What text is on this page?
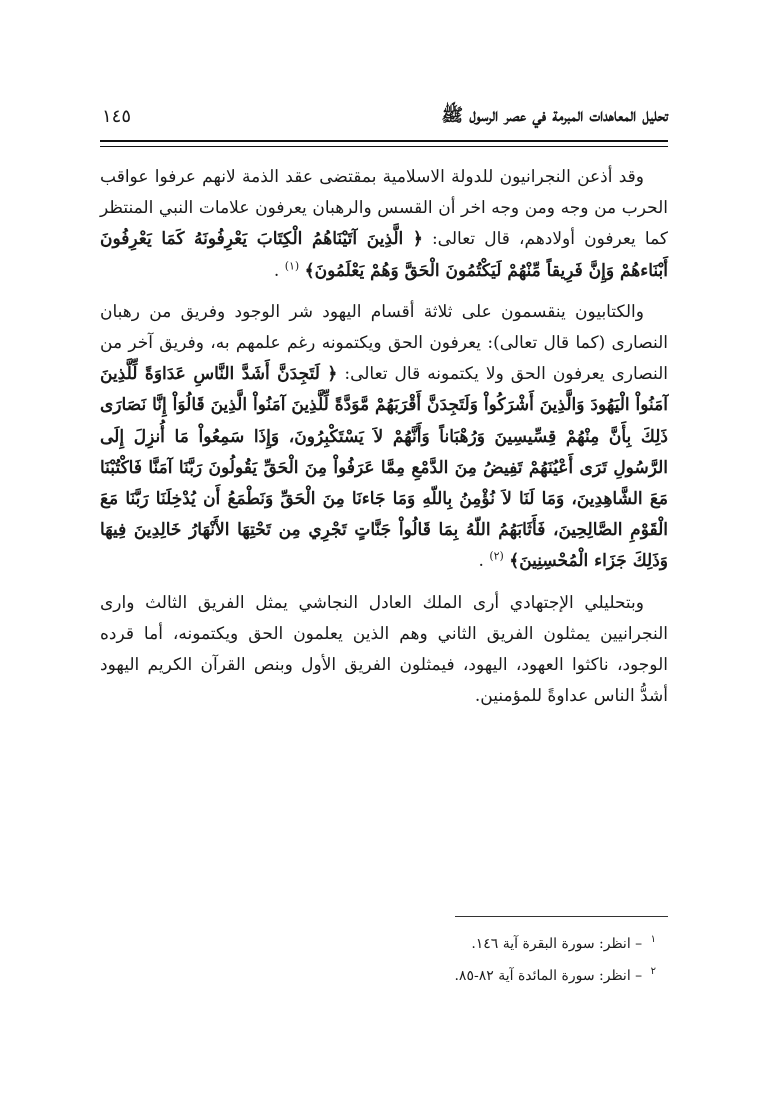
تحليل المعاهدات المبرمة في عصر الرسول ﷺ
١٤٥

وقد أذعن النجرانيون للدولة الاسلامية بمقتضى عقد الذمة لانهم عرفوا عواقب الحرب من وجه ومن وجه اخر أن القسس والرهبان يعرفون علامات النبي المنتظر كما يعرفون أولادهم، قال تعالى: ﴿ الَّذِينَ آتَيْنَاهُمُ الْكِتَابَ يَعْرِفُونَهُ كَمَا يَعْرِفُونَ أَبْنَاءهُمْ وَإِنَّ فَرِيقاً مِّنْهُمْ لَيَكْتُمُونَ الْحَقَّ وَهُمْ يَعْلَمُونَ﴾ $^{(١)}$ .

والكتابيون ينقسمون على ثلاثة أقسام اليهود شر الوجود وفريق من رهبان النصارى (كما قال تعالى): يعرفون الحق ويكتمونه رغم علمهم به، وفريق آخر من النصارى يعرفون الحق ولا يكتمونه قال تعالى: ﴿ لَتَجِدَنَّ أَشَدَّ النَّاسِ عَدَاوَةً لِّلَّذِينَ آمَنُواْ الْيَهُودَ وَالَّذِينَ أَشْرَكُواْ وَلَتَجِدَنَّ أَقْرَبَهُمْ مَّوَدَّةً لِّلَّذِينَ آمَنُواْ الَّذِينَ قَالُوَاْ إِنَّا نَصَارَى ذَلِكَ بِأَنَّ مِنْهُمْ قِسِّيسِينَ وَرُهْبَاناً وَأَنَّهُمْ لاَ يَسْتَكْبِرُونَ، وَإِذَا سَمِعُواْ مَا أُنزِلَ إِلَى الرَّسُولِ تَرَى أَعْيُنَهُمْ تَفِيضُ مِنَ الدَّمْعِ مِمَّا عَرَفُواْ مِنَ الْحَقِّ يَقُولُونَ رَبَّنَا آمَنَّا فَاكْتُبْنَا مَعَ الشَّاهِدِينَ، وَمَا لَنَا لاَ نُؤْمِنُ بِاللّهِ وَمَا جَاءنَا مِنَ الْحَقِّ وَنَطْمَعُ أَن يُدْخِلَنَا رَبَّنَا مَعَ الْقَوْمِ الصَّالِحِينَ، فَأَثَابَهُمُ اللّهُ بِمَا قَالُواْ جَنَّاتٍ تَجْرِي مِن تَحْتِهَا الأَنْهَارُ خَالِدِينَ فِيهَا وَذَلِكَ جَزَاء الْمُحْسِنِينَ﴾ $^{(٢)}$ .

وبتحليلي الإجتهادي أرى الملك العادل النجاشي يمثل الفريق الثالث وارى النجرانيين يمثلون الفريق الثاني وهم الذين يعلمون الحق ويكتمونه، أما قرده الوجود، ناكثوا العهود، اليهود، فيمثلون الفريق الأول وبنص القرآن الكريم اليهود أشدُّ الناس عداوةً للمؤمنين.

$^١$ – انظر: سورة البقرة آية ١٤٦.
$^٢$ – انظر: سورة المائدة آية ٨٢-٨٥.
